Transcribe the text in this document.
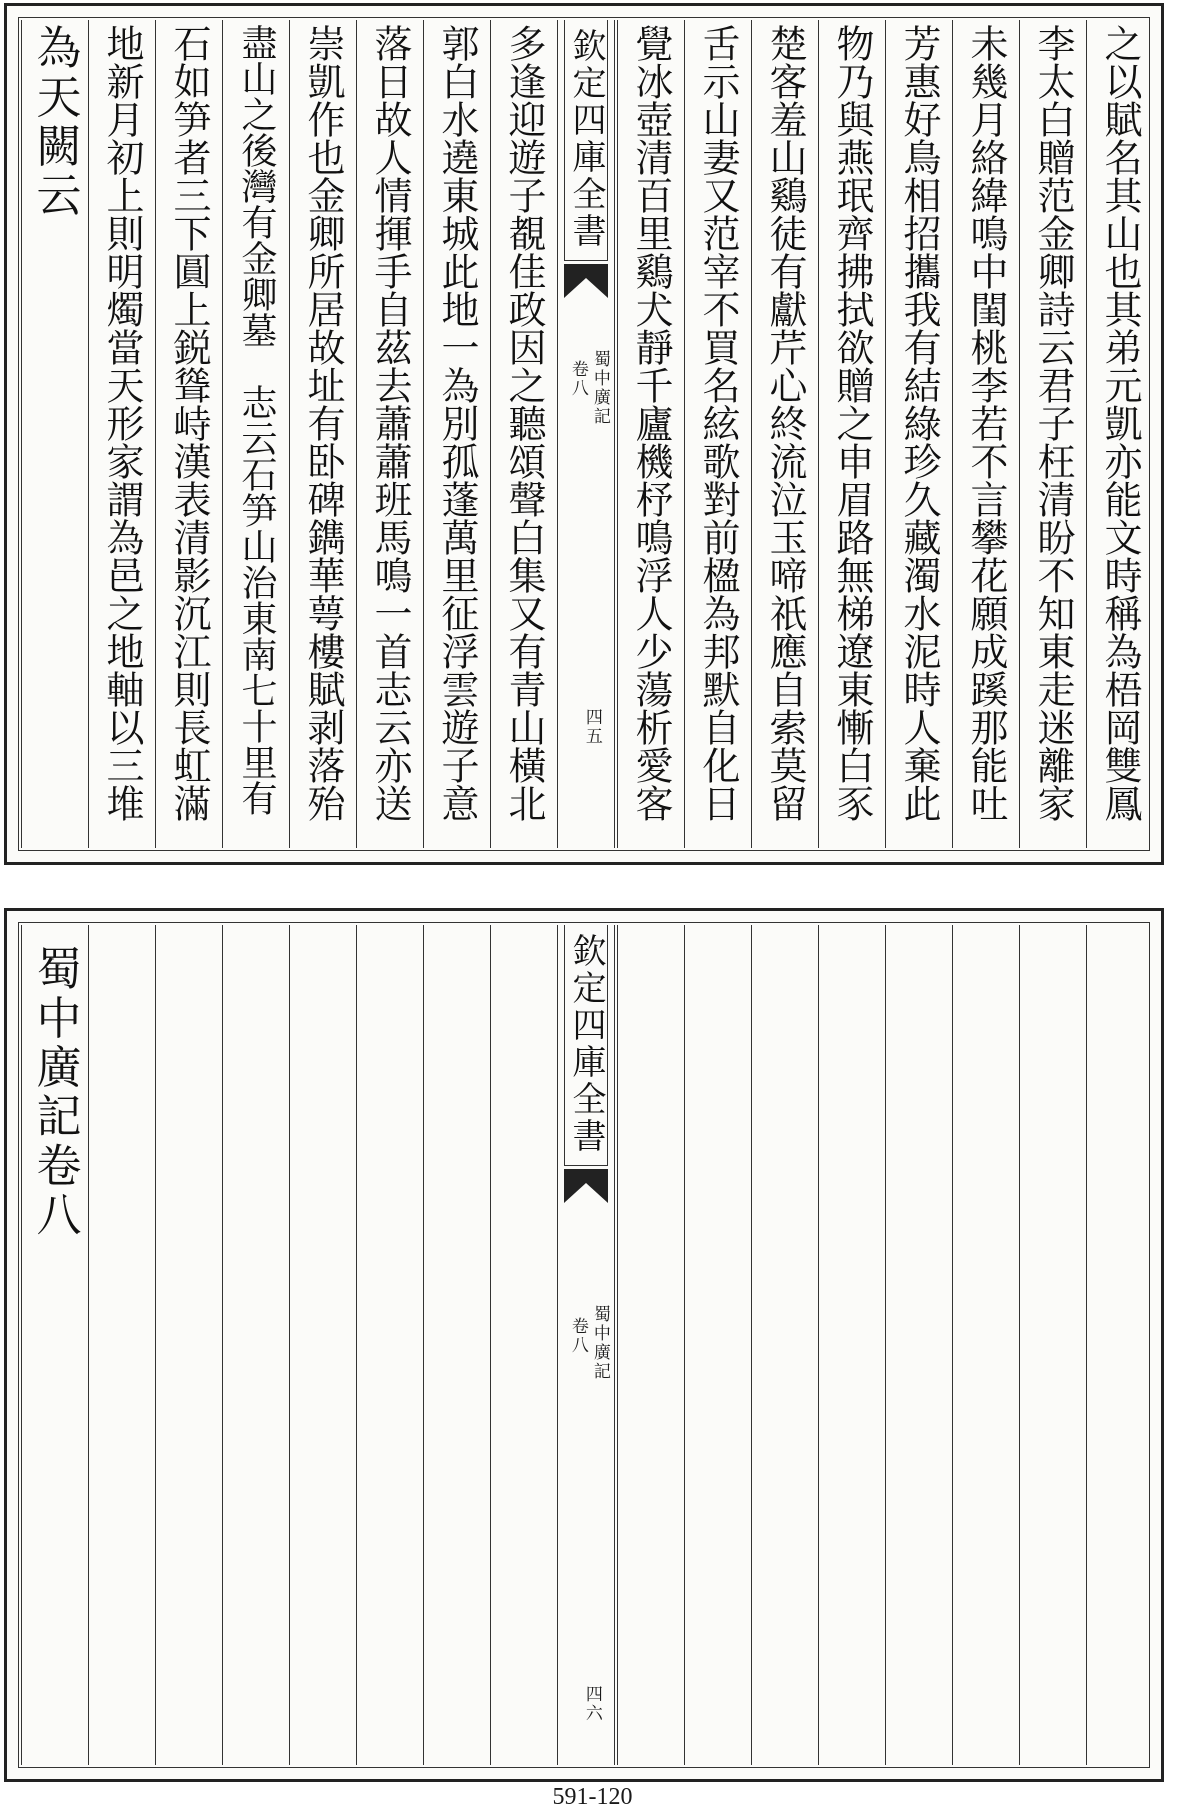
之以賦名其山也其弟元凱亦能文時稱為梧岡雙鳳
李太白贈范金卿詩云君子枉清盼不知東走迷離家
未幾月絡緯鳴中閨桃李若不言攀花願成蹊那能吐
芳惠好鳥相招攜我有結綠珍久藏濁水泥時人棄此
物乃與燕珉齊拂拭欲贈之申眉路無梯遼東慚白豕
楚客羞山鷄徒有獻芹心終流泣玉啼祇應自索莫留
舌示山妻又范宰不買名絃歌對前楹為邦默自化日
覺冰壺清百里鷄犬靜千廬機杼鳴浮人少蕩析愛客
欽定四庫全書
蜀中廣記
卷八
四五
多逢迎遊子覩佳政因之聽頌聲白集又有青山橫北
郭白水遶東城此地一為別孤蓬萬里征浮雲遊子意
落日故人情揮手自茲去蕭蕭班馬鳴一首志云亦送
崇凱作也金卿所居故址有卧碑鐫華萼樓賦剥落殆
盡山之後灣有金卿墓　志云石笋山治東南七十里有
石如笋者三下圓上鋭聳峙漢表清影沉江則長虹滿
地新月初上則明燭當天形家謂為邑之地軸以三堆
為天闕云
欽定四庫全書
蜀中廣記
卷八
四六
蜀中廣記卷八
591-120
